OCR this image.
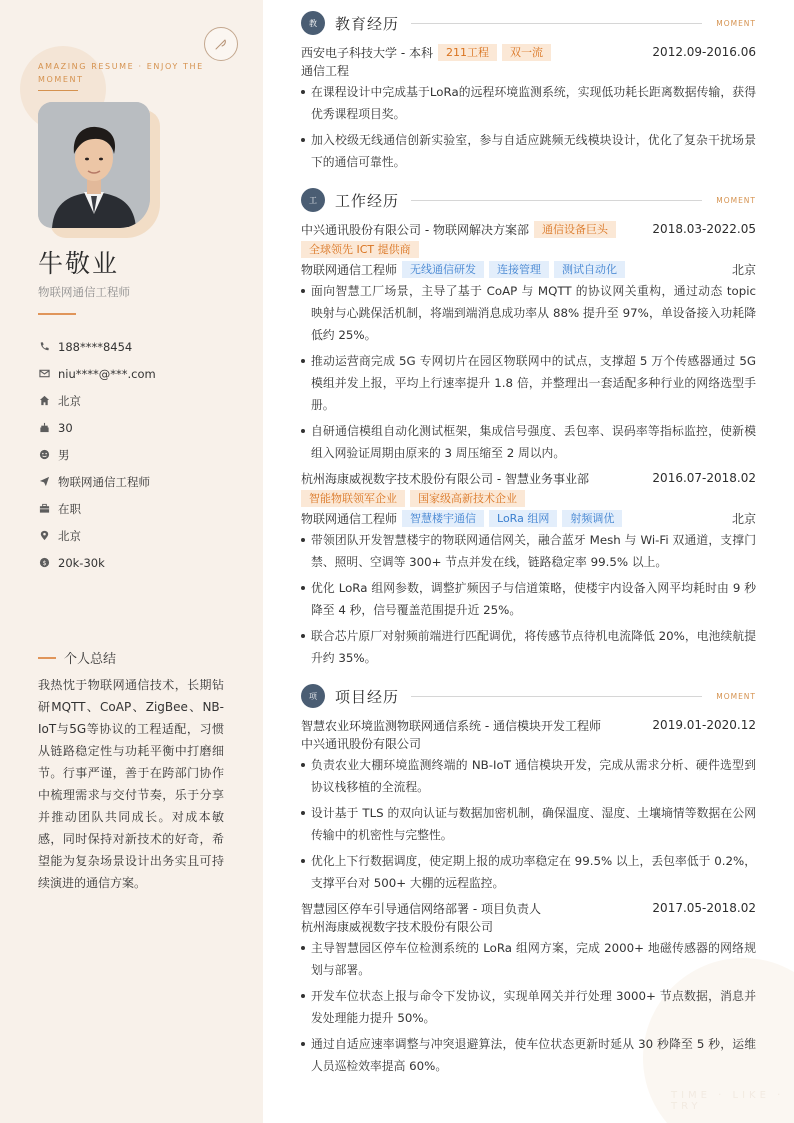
AMAZING RESUME · ENJOY THE MOMENT
牛敬业
物联网通信工程师
188****8454
niu****@***.com
北京
30
男
物联网通信工程师
在职
北京
$ 20k-30k
个人总结
我热忱于物联网通信技术，长期钻研MQTT、CoAP、ZigBee、NB-IoT与5G等协议的工程适配，习惯从链路稳定性与功耗平衡中打磨细节。行事严谨，善于在跨部门协作中梳理需求与交付节奏，乐于分享并推动团队共同成长。对成本敏感，同时保持对新技术的好奇，希望能为复杂场景设计出务实且可持续演进的通信方案。
TIME · LIKE · TRY
教	教育经历	MOMENT
西安电子科技大学 - 本科	211工程	双一流	2012.09-2016.06
通信工程
在课程设计中完成基于LoRa的远程环境监测系统，实现低功耗长距离数据传输，获得优秀课程项目奖。
加入校级无线通信创新实验室，参与自适应跳频无线模块设计，优化了复杂干扰场景下的通信可靠性。
工	工作经历	MOMENT
中兴通讯股份有限公司 - 物联网解决方案部	通信设备巨头	2018.03-2022.05
全球领先 ICT 提供商
物联网通信工程师	无线通信研发	连接管理	测试自动化	北京
面向智慧工厂场景，主导了基于 CoAP 与 MQTT 的协议网关重构，通过动态 topic 映射与心跳保活机制，将端到端消息成功率从 88% 提升至 97%，单设备接入功耗降低约 25%。
推动运营商完成 5G 专网切片在园区物联网中的试点，支撑超 5 万个传感器通过 5G 模组并发上报，平均上行速率提升 1.8 倍，并整理出一套适配多种行业的网络选型手册。
自研通信模组自动化测试框架，集成信号强度、丢包率、误码率等指标监控，使新模组入网验证周期由原来的 3 周压缩至 2 周以内。
杭州海康威视数字技术股份有限公司 - 智慧业务事业部	2016.07-2018.02
智能物联领军企业	国家级高新技术企业
物联网通信工程师	智慧楼宇通信	LoRa 组网	射频调优	北京
带领团队开发智慧楼宇的物联网通信网关，融合蓝牙 Mesh 与 Wi-Fi 双通道，支撑门禁、照明、空调等 300+ 节点并发在线，链路稳定率 99.5% 以上。
优化 LoRa 组网参数，调整扩频因子与信道策略，使楼宇内设备入网平均耗时由 9 秒降至 4 秒，信号覆盖范围提升近 25%。
联合芯片原厂对射频前端进行匹配调优，将传感节点待机电流降低 20%，电池续航提升约 35%。
项	项目经历	MOMENT
智慧农业环境监测物联网通信系统 - 通信模块开发工程师	2019.01-2020.12
中兴通讯股份有限公司
负责农业大棚环境监测终端的 NB-IoT 通信模块开发，完成从需求分析、硬件选型到协议栈移植的全流程。
设计基于 TLS 的双向认证与数据加密机制，确保温度、湿度、土壤墒情等数据在公网传输中的机密性与完整性。
优化上下行数据调度，使定期上报的成功率稳定在 99.5% 以上，丢包率低于 0.2%，支撑平台对 500+ 大棚的远程监控。
智慧园区停车引导通信网络部署 - 项目负责人	2017.05-2018.02
杭州海康威视数字技术股份有限公司
主导智慧园区停车位检测系统的 LoRa 组网方案，完成 2000+ 地磁传感器的网络规划与部署。
开发车位状态上报与命令下发协议，实现单网关并行处理 3000+ 节点数据，消息并发处理能力提升 50%。
通过自适应速率调整与冲突退避算法，使车位状态更新时延从 30 秒降至 5 秒，运维人员巡检效率提高 60%。
